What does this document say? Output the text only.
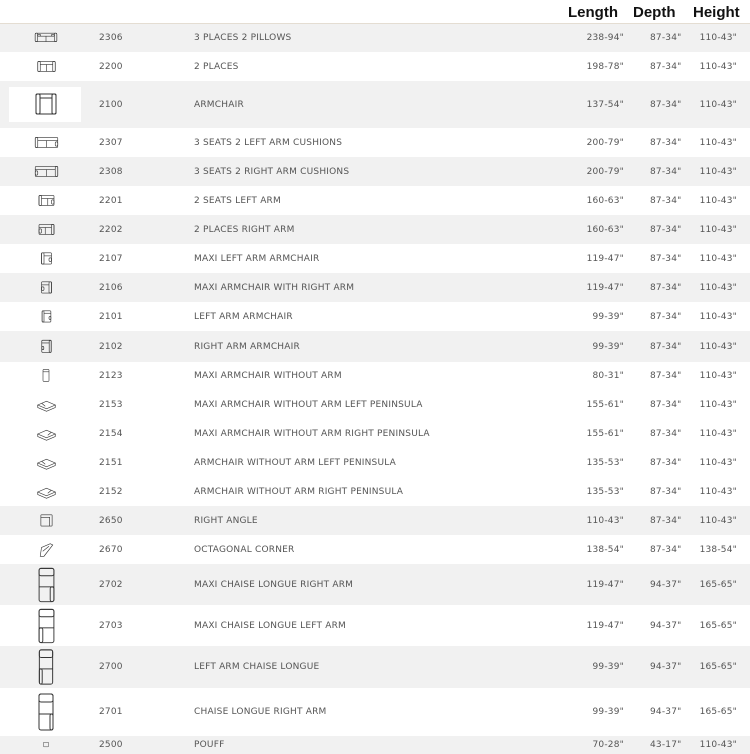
Length Depth Height
2306	3 PLACES 2 PILLOWS	238-94"	87-34" 110-43"
2200	2 PLACES	198-78"	87-34" 110-43"
2100	ARMCHAIR	137-54"	87-34" 110-43"
2307	3 SEATS 2 LEFT ARM CUSHIONS	200-79"	87-34" 110-43"
2308	3 SEATS 2 RIGHT ARM CUSHIONS	200-79"	87-34" 110-43"
2201	2 SEATS LEFT ARM	160-63"	87-34" 110-43"
2202	2 PLACES RIGHT ARM	160-63"	87-34" 110-43"
2107	MAXI LEFT ARM ARMCHAIR	119-47"	87-34" 110-43"
2106	MAXI ARMCHAIR WITH RIGHT ARM	119-47"	87-34" 110-43"
2101	LEFT ARM ARMCHAIR	99-39"	87-34" 110-43"
2102	RIGHT ARM ARMCHAIR	99-39"	87-34" 110-43"
2123	MAXI ARMCHAIR WITHOUT ARM	80-31"	87-34" 110-43"
2153	MAXI ARMCHAIR WITHOUT ARM LEFT PENINSULA	155-61"	87-34" 110-43"
2154	MAXI ARMCHAIR WITHOUT ARM RIGHT PENINSULA	155-61"	87-34" 110-43"
2151	ARMCHAIR WITHOUT ARM LEFT PENINSULA	135-53"	87-34" 110-43"
2152	ARMCHAIR WITHOUT ARM RIGHT PENINSULA	135-53"	87-34" 110-43"
2650	RIGHT ANGLE	110-43"	87-34" 110-43"
2670	OCTAGONAL CORNER	138-54"	87-34" 138-54"
2702	MAXI CHAISE LONGUE RIGHT ARM	119-47"	94-37" 165-65"
2703	MAXI CHAISE LONGUE LEFT ARM	119-47"	94-37" 165-65"
2700	LEFT ARM CHAISE LONGUE	99-39"	94-37" 165-65"
2701	CHAISE LONGUE RIGHT ARM	99-39"	94-37" 165-65"
2500	POUFF	70-28"	43-17" 110-43"
